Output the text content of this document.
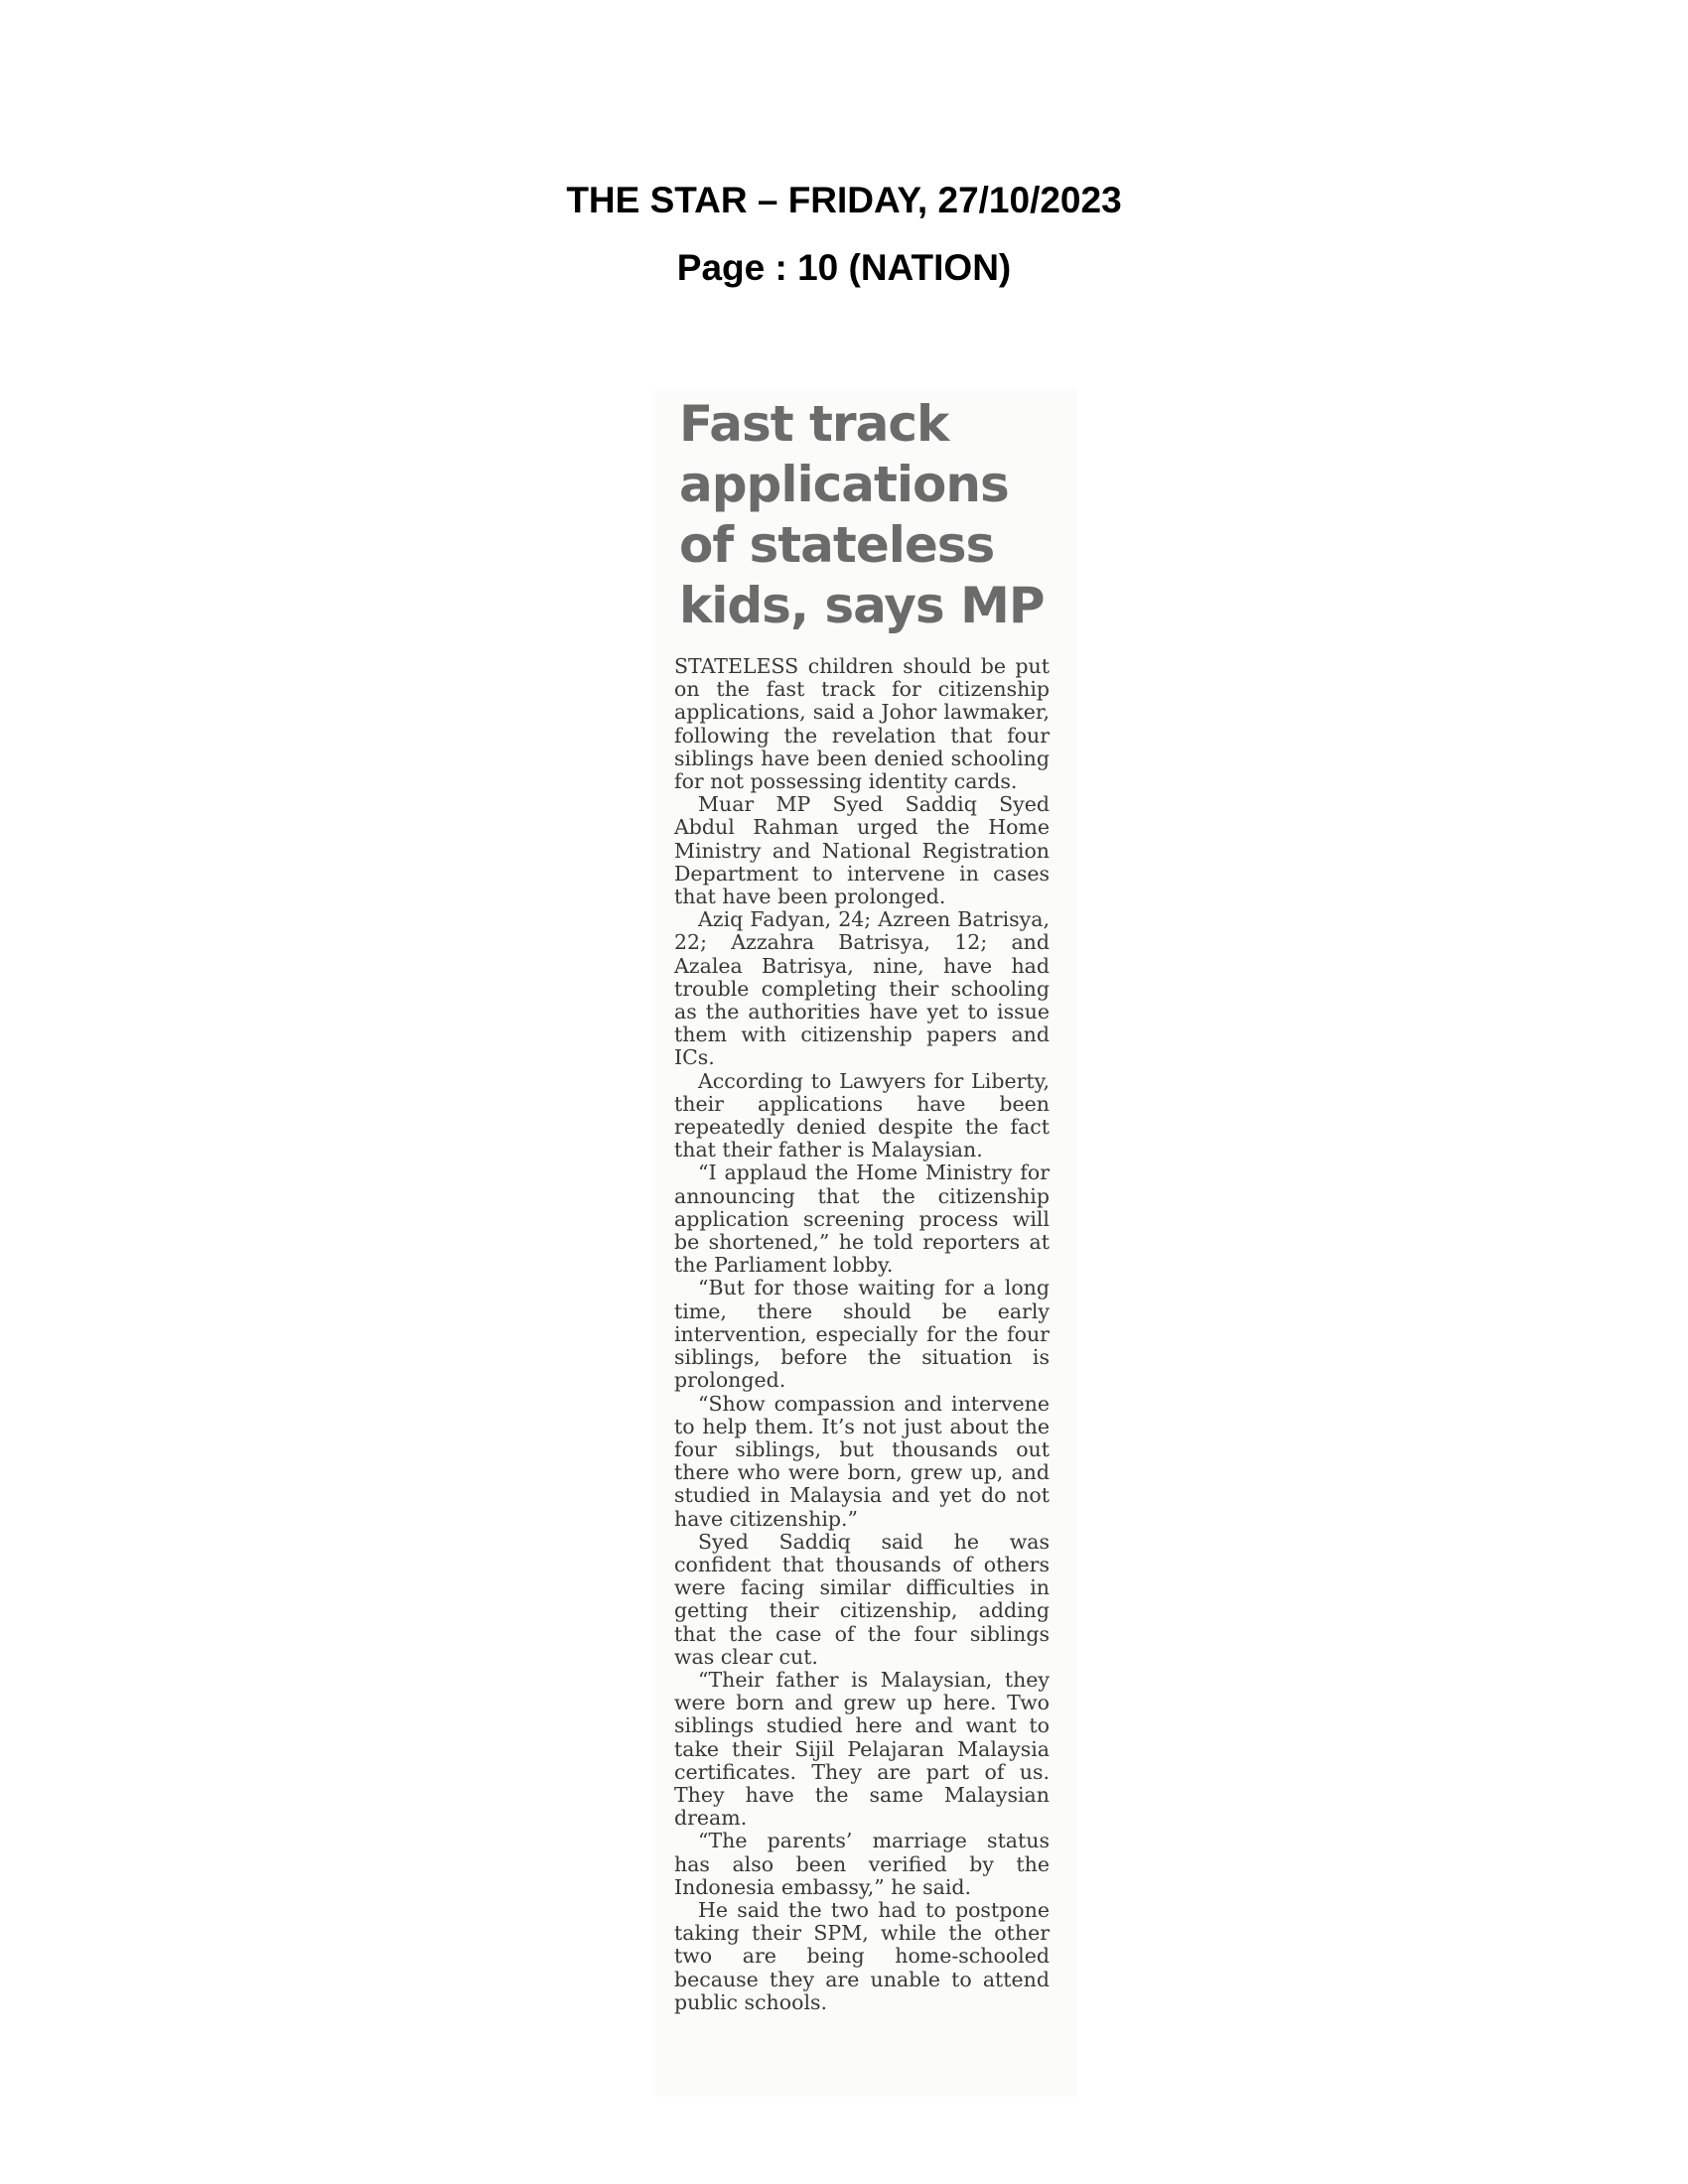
THE STAR – FRIDAY, 27/10/2023
Page : 10 (NATION)
Fast track applications of stateless kids, says MP

STATELESS children should be put on the fast track for citizenship applications, said a Johor lawmaker, following the revelation that four siblings have been denied schooling for not possessing identity cards.

Muar MP Syed Saddiq Syed Abdul Rahman urged the Home Ministry and National Registration Department to intervene in cases that have been prolonged.

Aziq Fadyan, 24; Azreen Batrisya, 22; Azzahra Batrisya, 12; and Azalea Batrisya, nine, have had trouble completing their schooling as the authorities have yet to issue them with citizenship papers and ICs.

According to Lawyers for Liberty, their applications have been repeatedly denied despite the fact that their father is Malaysian.

“I applaud the Home Ministry for announcing that the citizenship application screening process will be shortened,” he told reporters at the Parliament lobby.

“But for those waiting for a long time, there should be early intervention, especially for the four siblings, before the situation is prolonged.

“Show compassion and intervene to help them. It’s not just about the four siblings, but thousands out there who were born, grew up, and studied in Malaysia and yet do not have citizenship.”

Syed Saddiq said he was confident that thousands of others were facing similar difficulties in getting their citizenship, adding that the case of the four siblings was clear cut.

“Their father is Malaysian, they were born and grew up here. Two siblings studied here and want to take their Sijil Pelajaran Malaysia certificates. They are part of us. They have the same Malaysian dream.

“The parents’ marriage status has also been verified by the Indonesia embassy,” he said.

He said the two had to postpone taking their SPM, while the other two are being home-schooled because they are unable to attend public schools.
